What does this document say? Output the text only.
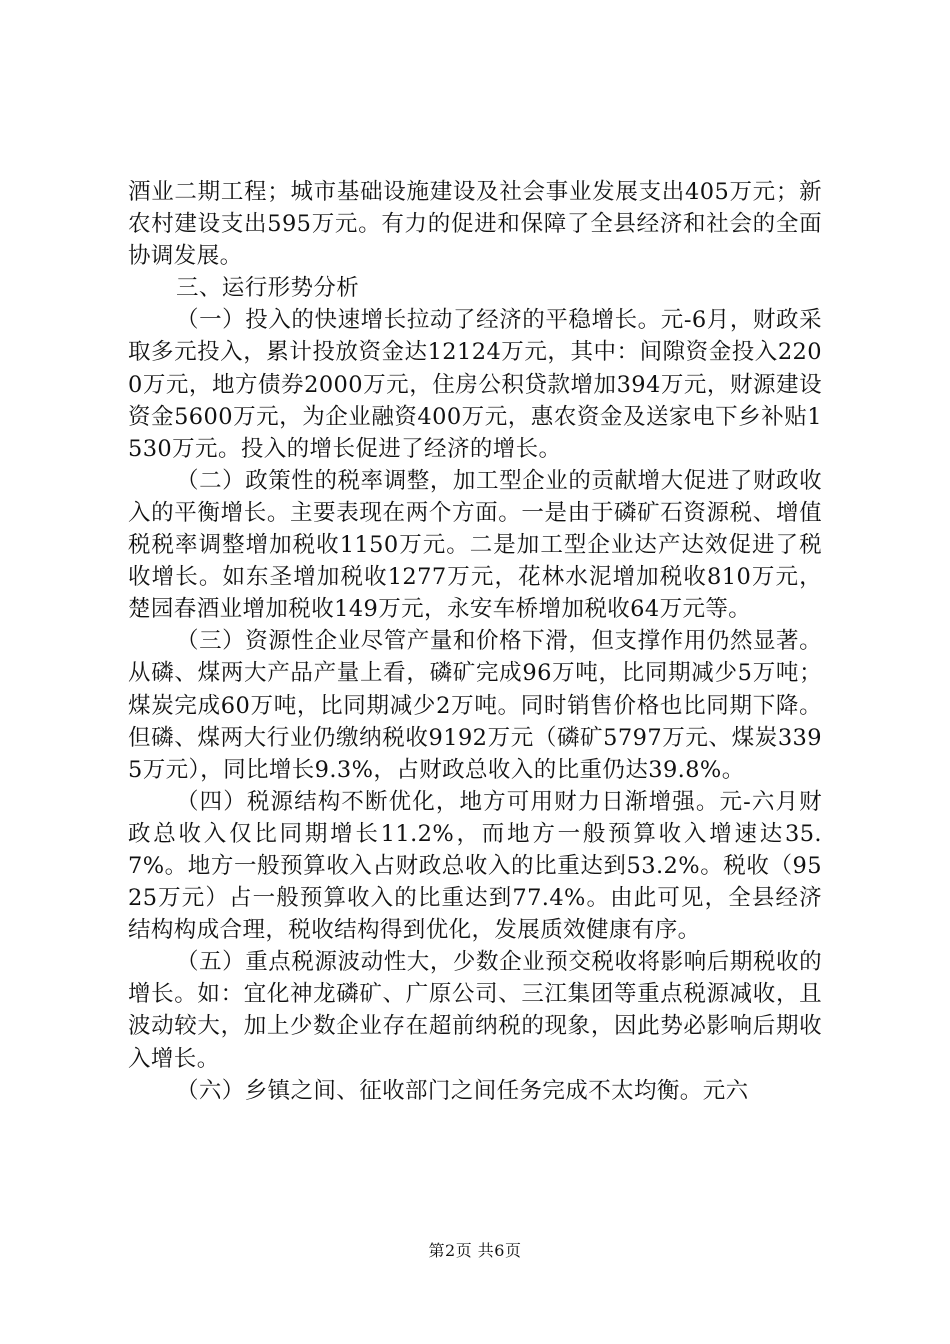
酒业二期工程；城市基础设施建设及社会事业发展支出405万元；新农村建设支出595万元。有力的促进和保障了全县经济和社会的全面协调发展。

三、运行形势分析

（一）投入的快速增长拉动了经济的平稳增长。元-6月，财政采取多元投入，累计投放资金达12124万元，其中：间隙资金投入2200万元，地方债券2000万元，住房公积贷款增加394万元，财源建设资金5600万元，为企业融资400万元，惠农资金及送家电下乡补贴1530万元。投入的增长促进了经济的增长。

（二）政策性的税率调整，加工型企业的贡献增大促进了财政收入的平衡增长。主要表现在两个方面。一是由于磷矿石资源税、增值税税率调整增加税收1150万元。二是加工型企业达产达效促进了税收增长。如东圣增加税收1277万元，花林水泥增加税收810万元，楚园春酒业增加税收149万元，永安车桥增加税收64万元等。

（三）资源性企业尽管产量和价格下滑，但支撑作用仍然显著。从磷、煤两大产品产量上看，磷矿完成96万吨，比同期减少5万吨；煤炭完成60万吨，比同期减少2万吨。同时销售价格也比同期下降。但磷、煤两大行业仍缴纳税收9192万元（磷矿5797万元、煤炭3395万元），同比增长9.3%，占财政总收入的比重仍达39.8%。

（四）税源结构不断优化，地方可用财力日渐增强。元-六月财政总收入仅比同期增长11.2%，而地方一般预算收入增速达35.7%。地方一般预算收入占财政总收入的比重达到53.2%。税收（9525万元）占一般预算收入的比重达到77.4%。由此可见，全县经济结构构成合理，税收结构得到优化，发展质效健康有序。

（五）重点税源波动性大，少数企业预交税收将影响后期税收的增长。如：宜化神龙磷矿、广原公司、三江集团等重点税源减收，且波动较大，加上少数企业存在超前纳税的现象，因此势必影响后期收入增长。

（六）乡镇之间、征收部门之间任务完成不太均衡。元六

第2页 共6页
